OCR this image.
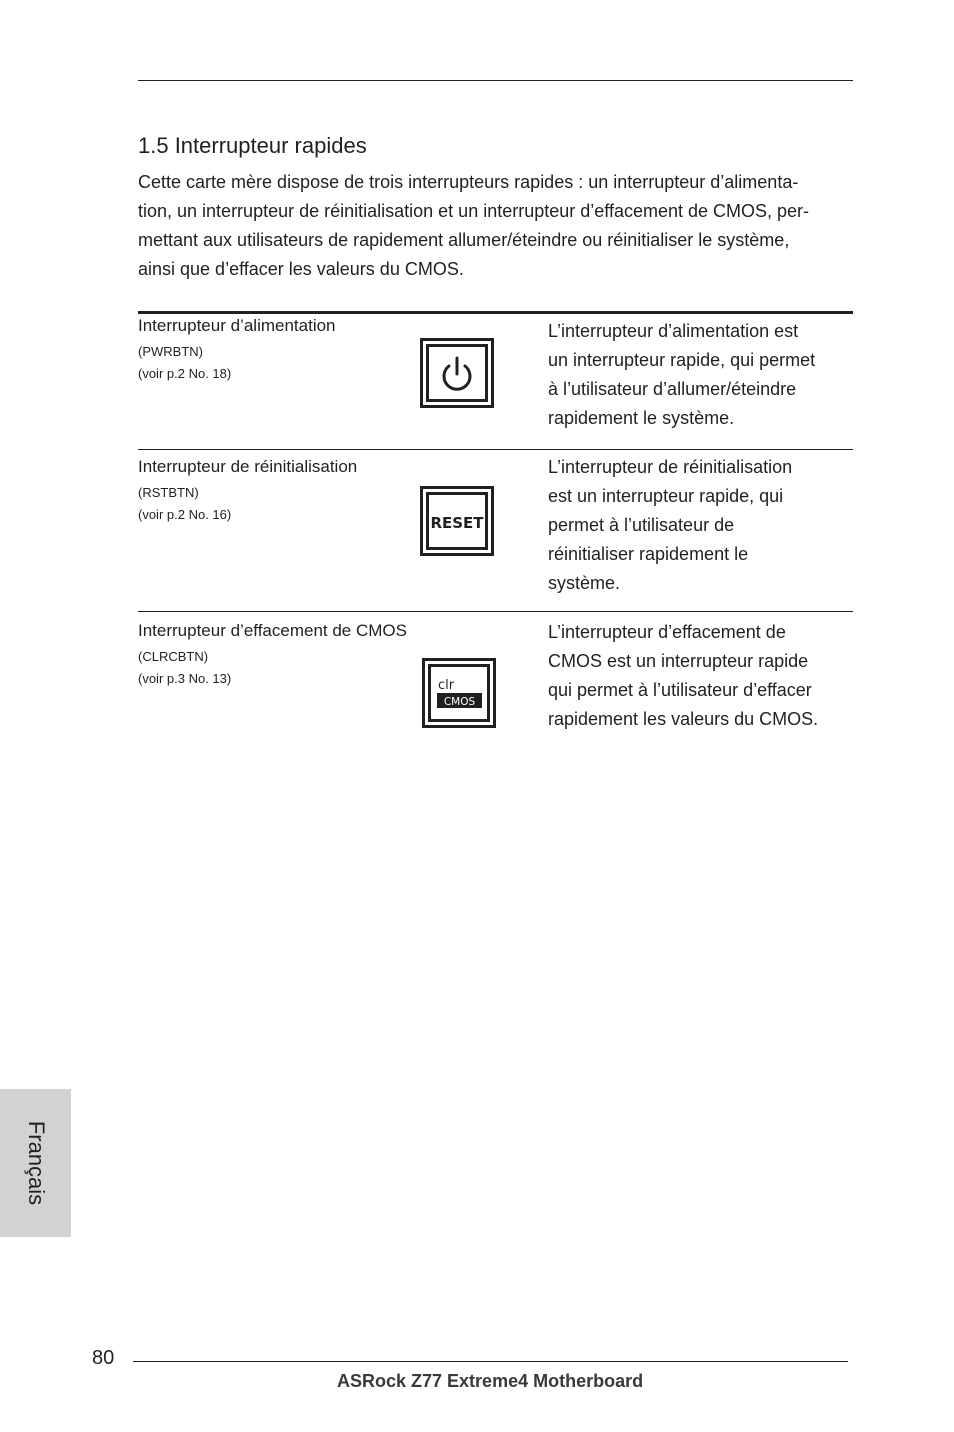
1.5 Interrupteur rapides

Cette carte mère dispose de trois interrupteurs rapides : un interrupteur d’alimenta-
tion, un interrupteur de réinitialisation et un interrupteur d’effacement de CMOS, per-
mettant aux utilisateurs de rapidement allumer/éteindre ou réinitialiser le système,
ainsi que d’effacer les valeurs du CMOS.

Interrupteur d’alimentation

(PWRBTN)
(voir p.2 No. 18)

L’interrupteur d’alimentation est
un interrupteur rapide, qui permet
à l’utilisateur d’allumer/éteindre
rapidement le système.

Interrupteur de réinitialisation

(RSTBTN)
(voir p.2 No. 16)	RESET

L’interrupteur de réinitialisation
est un interrupteur rapide, qui
permet à l’utilisateur de
réinitialiser rapidement le
système.

Interrupteur d’effacement de CMOS

(CLRCBTN)
(voir p.3 No. 13)	clr
CMOS

L’interrupteur d’effacement de
CMOS est un interrupteur rapide
qui permet à l’utilisateur d’effacer
rapidement les valeurs du CMOS.

Français
80
ASRock Z77 Extreme4 Motherboard
